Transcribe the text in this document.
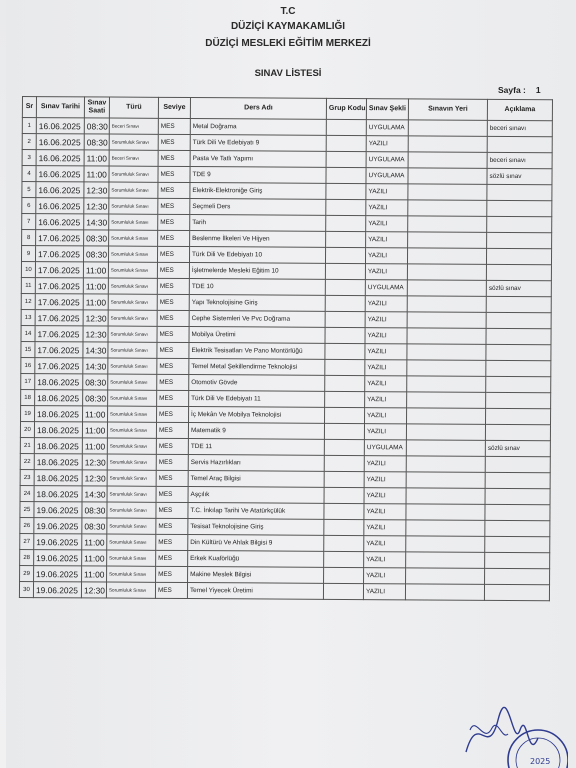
T.C
DÜZİÇİ KAYMAKAMLIĞI
DÜZİÇİ MESLEKİ EĞİTİM MERKEZİ
SINAV LİSTESİ
Sayfa : 1
Sr	Sınav Tarihi	Sınav Saati	Türü	Seviye	Ders Adı	Grup Kodu	Sınav Şekli	Sınavın Yeri	Açıklama
1	16.06.2025	08:30	Beceri Sınavı	MES	Metal Doğrama		UYGULAMA		beceri sınavı
2	16.06.2025	08:30	Sorumluluk Sınavı	MES	Türk Dili Ve Edebiyatı 9		YAZILI		
3	16.06.2025	11:00	Beceri Sınavı	MES	Pasta Ve Tatlı Yapımı		UYGULAMA		beceri sınavı
4	16.06.2025	11:00	Sorumluluk Sınavı	MES	TDE 9		UYGULAMA		sözlü sınav
5	16.06.2025	12:30	Sorumluluk Sınavı	MES	Elektrik-Elektroniğe Giriş		YAZILI		
6	16.06.2025	12:30	Sorumluluk Sınavı	MES	Seçmeli Ders		YAZILI		
7	16.06.2025	14:30	Sorumluluk Sınavı	MES	Tarih		YAZILI		
8	17.06.2025	08:30	Sorumluluk Sınavı	MES	Beslenme İlkeleri Ve Hijyen		YAZILI		
9	17.06.2025	08:30	Sorumluluk Sınavı	MES	Türk Dili Ve Edebiyatı 10		YAZILI		
10	17.06.2025	11:00	Sorumluluk Sınavı	MES	İşletmelerde Mesleki Eğitim 10		YAZILI		
11	17.06.2025	11:00	Sorumluluk Sınavı	MES	TDE 10		UYGULAMA		sözlü sınav
12	17.06.2025	11:00	Sorumluluk Sınavı	MES	Yapı Teknolojisine Giriş		YAZILI		
13	17.06.2025	12:30	Sorumluluk Sınavı	MES	Cephe Sistemleri Ve Pvc Doğrama		YAZILI		
14	17.06.2025	12:30	Sorumluluk Sınavı	MES	Mobilya Üretimi		YAZILI		
15	17.06.2025	14:30	Sorumluluk Sınavı	MES	Elektrik Tesisatları Ve Pano Montörlüğü		YAZILI		
16	17.06.2025	14:30	Sorumluluk Sınavı	MES	Temel Metal Şekillendirme Teknolojisi		YAZILI		
17	18.06.2025	08:30	Sorumluluk Sınavı	MES	Otomotiv Gövde		YAZILI		
18	18.06.2025	08:30	Sorumluluk Sınavı	MES	Türk Dili Ve Edebiyatı 11		YAZILI		
19	18.06.2025	11:00	Sorumluluk Sınavı	MES	İç Mekân Ve Mobilya Teknolojisi		YAZILI		
20	18.06.2025	11:00	Sorumluluk Sınavı	MES	Matematik 9		YAZILI		
21	18.06.2025	11:00	Sorumluluk Sınavı	MES	TDE 11		UYGULAMA		sözlü sınav
22	18.06.2025	12:30	Sorumluluk Sınavı	MES	Servis Hazırlıkları		YAZILI		
23	18.06.2025	12:30	Sorumluluk Sınavı	MES	Temel Araç Bilgisi		YAZILI		
24	18.06.2025	14:30	Sorumluluk Sınavı	MES	Aşçılık		YAZILI		
25	19.06.2025	08:30	Sorumluluk Sınavı	MES	T.C. İnkılap Tarihi Ve Atatürkçülük		YAZILI		
26	19.06.2025	08:30	Sorumluluk Sınavı	MES	Tesisat Teknolojisine Giriş		YAZILI		
27	19.06.2025	11:00	Sorumluluk Sınavı	MES	Din Kültürü Ve Ahlak Bilgisi 9		YAZILI		
28	19.06.2025	11:00	Sorumluluk Sınavı	MES	Erkek Kuaförlüğü		YAZILI		
29	19.06.2025	11:00	Sorumluluk Sınavı	MES	Makine Meslek Bilgisi		YAZILI		
30	19.06.2025	12:30	Sorumluluk Sınavı	MES	Temel Yiyecek Üretimi		YAZILI		
2025
